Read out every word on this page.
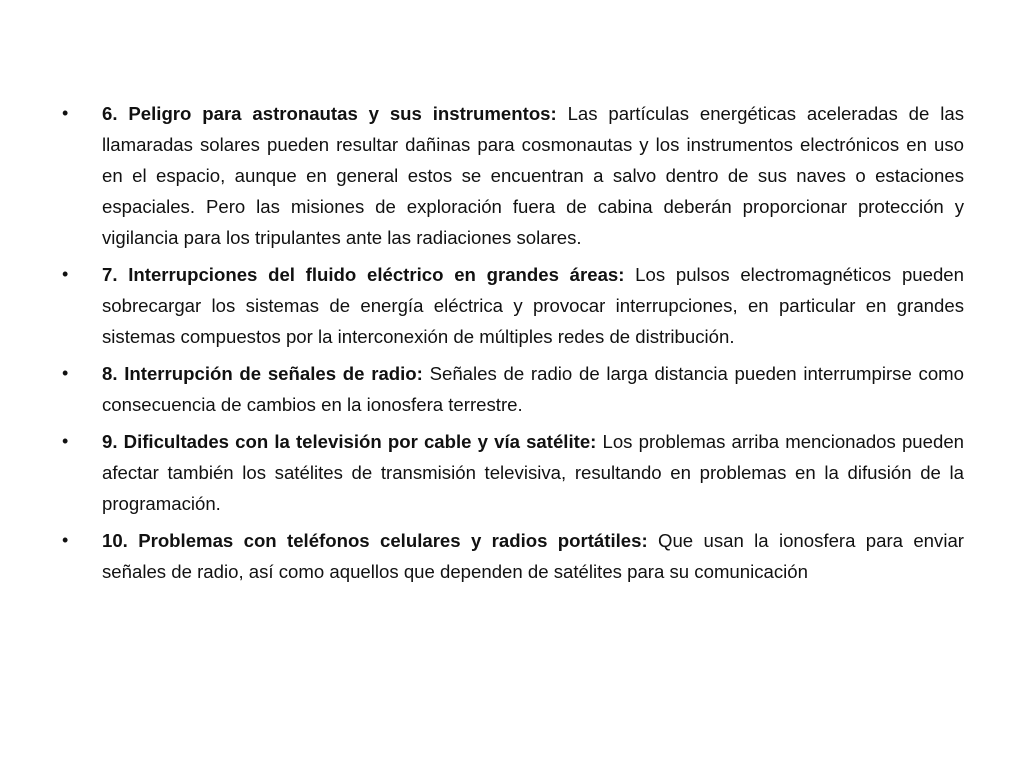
•	6. Peligro para astronautas y sus instrumentos: Las partículas energéticas aceleradas de las llamaradas solares pueden resultar dañinas para cosmonautas y los instrumentos electrónicos en uso en el espacio, aunque en general estos se encuentran a salvo dentro de sus naves o estaciones espaciales. Pero las misiones de exploración fuera de cabina deberán proporcionar protección y vigilancia para los tripulantes ante las radiaciones solares.
•	7. Interrupciones del fluido eléctrico en grandes áreas: Los pulsos electromagnéticos pueden sobrecargar los sistemas de energía eléctrica y provocar interrupciones, en particular en grandes sistemas compuestos por la interconexión de múltiples redes de distribución.
•	8. Interrupción de señales de radio: Señales de radio de larga distancia pueden interrumpirse como consecuencia de cambios en la ionosfera terrestre.
•	9. Dificultades con la televisión por cable y vía satélite: Los problemas arriba mencionados pueden afectar también los satélites de transmisión televisiva, resultando en problemas en la difusión de la programación.
•	10. Problemas con teléfonos celulares y radios portátiles: Que usan la ionosfera para enviar señales de radio, así como aquellos que dependen de satélites para su comunicación
